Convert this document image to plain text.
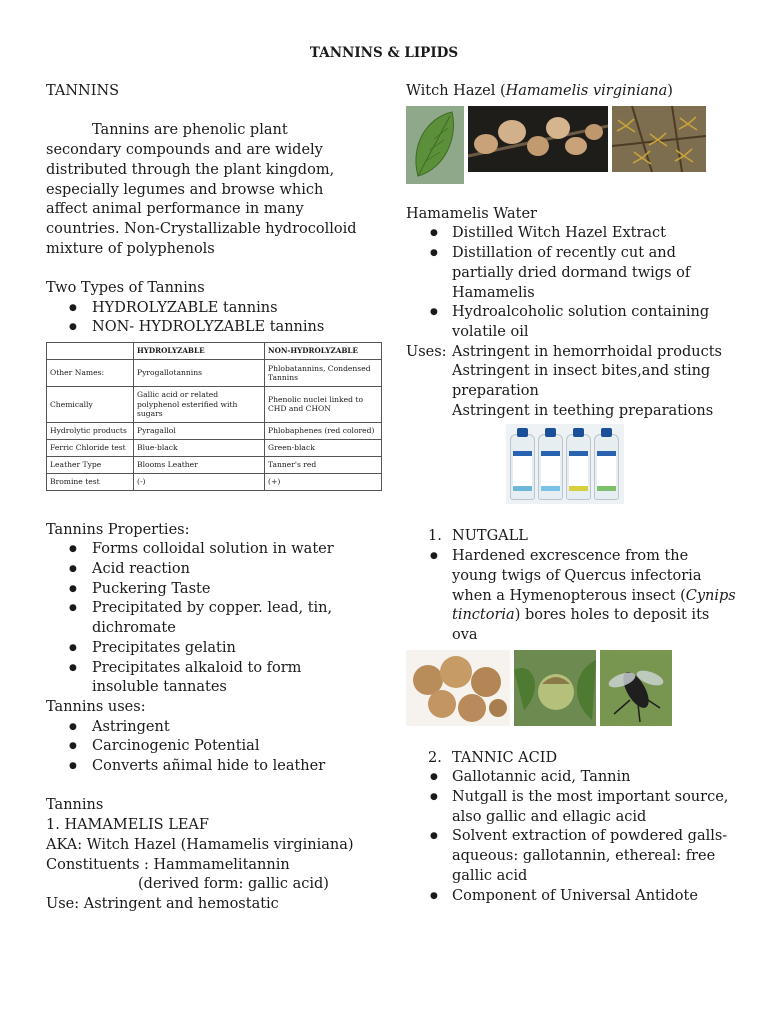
TANNINS & LIPIDS

TANNINS

Tannins are phenolic plant secondary compounds and are widely distributed through the plant kingdom, especially legumes and browse which affect animal performance in many countries. Non-Crystallizable hydrocolloid mixture of polyphenols

Two Types of Tannins

● HYDROLYZABLE tannins
● NON- HYDROLYZABLE tannins
	HYDROLYZABLE	NON-HYDROLYZABLE
Other Names:	Pyrogallotannins	Phlobatannins, Condensed Tannins
Chemically	Gallic acid or related polyphenol esterified with sugars	Phenolic nuclei linked to CHD and CHON
Hydrolytic products	Pyragallol	Phlobaphenes (red colored)
Ferric Chloride test	Blue-black	Green-black
Leather Type	Blooms Leather	Tanner's red
Bromine test	(-)	(+)

Tannins Properties:

● Forms colloidal solution in water
● Acid reaction
● Puckering Taste
● Precipitated by copper. lead, tin, dichromate
● Precipitates gelatin
● Precipitates alkaloid to form insoluble tannates

Tannins uses:

● Astringent
● Carcinogenic Potential
● Converts añimal hide to leather

Tannins

1. HAMAMELIS LEAF

AKA: Witch Hazel (Hamamelis virginiana)

Constituents : Hammamelitannin

(derived form: gallic acid)

Use: Astringent and hemostatic

Witch Hazel (Hamamelis virginiana)

Hamamelis Water

● Distilled Witch Hazel Extract
● Distillation of recently cut and partially dried dormand twigs of Hamamelis
● Hydroalcoholic solution containing volatile oil
Uses: Astringent in hemorrhoidal products

Astringent in insect bites,and sting preparation

Astringent in teething preparations

1. NUTGALL

● Hardened excrescence from the young twigs of Quercus infectoria when a Hymenopterous insect (Cynips tinctoria) bores holes to deposit its ova

2. TANNIC ACID

● Gallotannic acid, Tannin
● Nutgall is the most important source, also gallic and ellagic acid
● Solvent extraction of powdered galls- aqueous: gallotannin, ethereal: free gallic acid
● Component of Universal Antidote
